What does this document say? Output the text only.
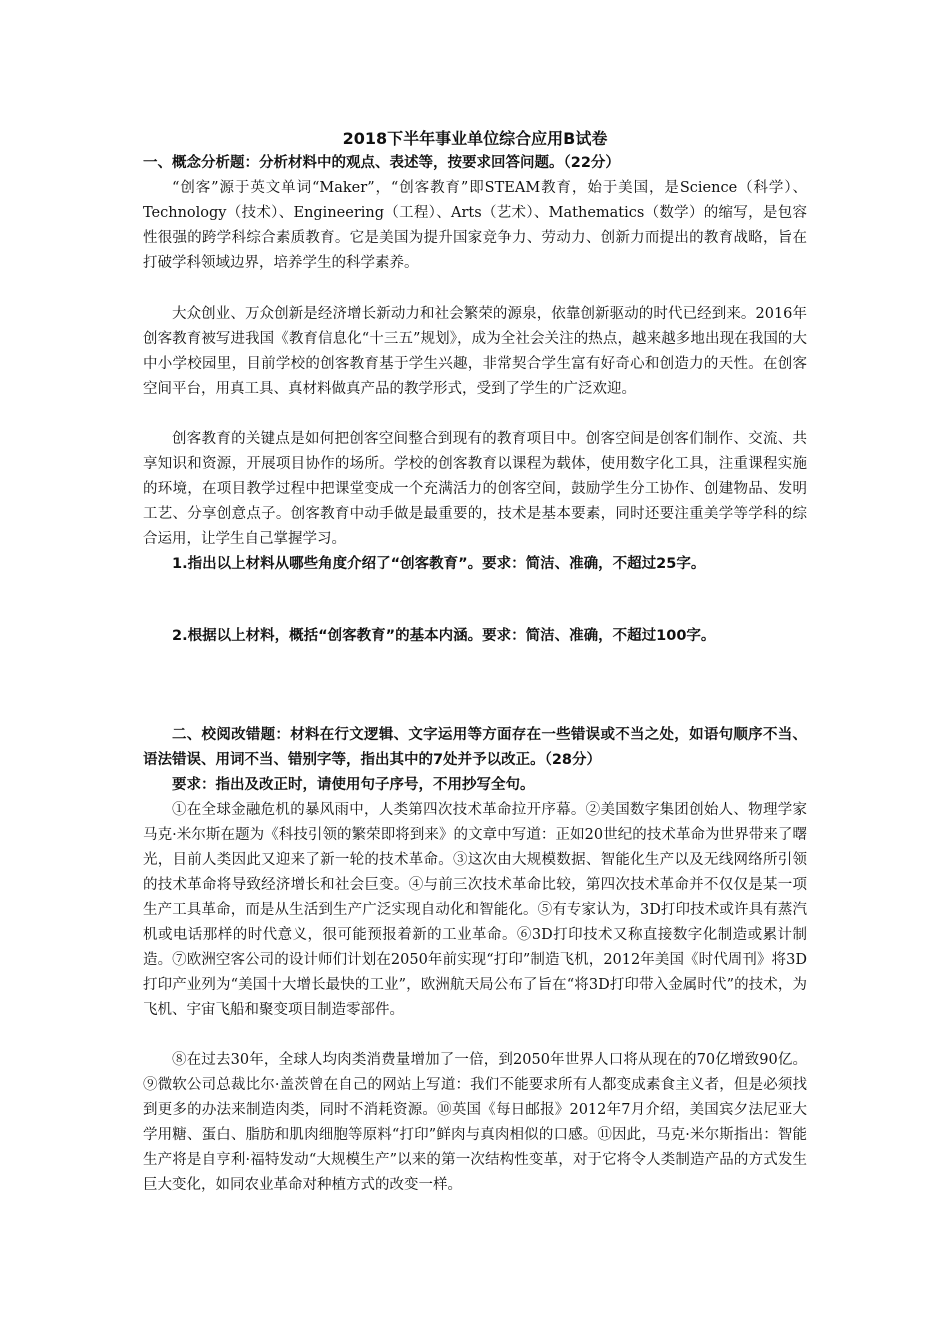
2018下半年事业单位综合应用B试卷
一、概念分析题：分析材料中的观点、表述等，按要求回答问题。（22分）
“创客”源于英文单词“Maker”，“创客教育”即STEAM教育，始于美国，是Science（科学）、Technology（技术）、Engineering（工程）、Arts（艺术）、Mathematics（数学）的缩写，是包容性很强的跨学科综合素质教育。它是美国为提升国家竞争力、劳动力、创新力而提出的教育战略，旨在打破学科领域边界，培养学生的科学素养。
大众创业、万众创新是经济增长新动力和社会繁荣的源泉，依靠创新驱动的时代已经到来。2016年创客教育被写进我国《教育信息化“十三五”规划》，成为全社会关注的热点，越来越多地出现在我国的大中小学校园里，目前学校的创客教育基于学生兴趣，非常契合学生富有好奇心和创造力的天性。在创客空间平台，用真工具、真材料做真产品的教学形式，受到了学生的广泛欢迎。
创客教育的关键点是如何把创客空间整合到现有的教育项目中。创客空间是创客们制作、交流、共享知识和资源，开展项目协作的场所。学校的创客教育以课程为载体，使用数字化工具，注重课程实施的环境，在项目教学过程中把课堂变成一个充满活力的创客空间，鼓励学生分工协作、创建物品、发明工艺、分享创意点子。创客教育中动手做是最重要的，技术是基本要素，同时还要注重美学等学科的综合运用，让学生自己掌握学习。
1.指出以上材料从哪些角度介绍了“创客教育”。要求：简洁、准确，不超过25字。
2.根据以上材料，概括“创客教育”的基本内涵。要求：简洁、准确，不超过100字。
二、校阅改错题：材料在行文逻辑、文字运用等方面存在一些错误或不当之处，如语句顺序不当、语法错误、用词不当、错别字等，指出其中的7处并予以改正。（28分）
要求：指出及改正时，请使用句子序号，不用抄写全句。
①在全球金融危机的暴风雨中，人类第四次技术革命拉开序幕。②美国数字集团创始人、物理学家马克·米尔斯在题为《科技引领的繁荣即将到来》的文章中写道：正如20世纪的技术革命为世界带来了曙光，目前人类因此又迎来了新一轮的技术革命。③这次由大规模数据、智能化生产以及无线网络所引领的技术革命将导致经济增长和社会巨变。④与前三次技术革命比较，第四次技术革命并不仅仅是某一项生产工具革命，而是从生活到生产广泛实现自动化和智能化。⑤有专家认为，3D打印技术或许具有蒸汽机或电话那样的时代意义，很可能预报着新的工业革命。⑥3D打印技术又称直接数字化制造或累计制造。⑦欧洲空客公司的设计师们计划在2050年前实现“打印”制造飞机，2012年美国《时代周刊》将3D打印产业列为“美国十大增长最快的工业”，欧洲航天局公布了旨在“将3D打印带入金属时代”的技术，为飞机、宇宙飞船和聚变项目制造零部件。
⑧在过去30年，全球人均肉类消费量增加了一倍，到2050年世界人口将从现在的70亿增致90亿。⑨微软公司总裁比尔·盖茨曾在自己的网站上写道：我们不能要求所有人都变成素食主义者，但是必须找到更多的办法来制造肉类，同时不消耗资源。⑩英国《每日邮报》2012年7月介绍，美国宾夕法尼亚大学用糖、蛋白、脂肪和肌肉细胞等原料“打印”鲜肉与真肉相似的口感。⑪因此，马克·米尔斯指出：智能生产将是自亨利·福特发动“大规模生产”以来的第一次结构性变革，对于它将令人类制造产品的方式发生巨大变化，如同农业革命对种植方式的改变一样。
